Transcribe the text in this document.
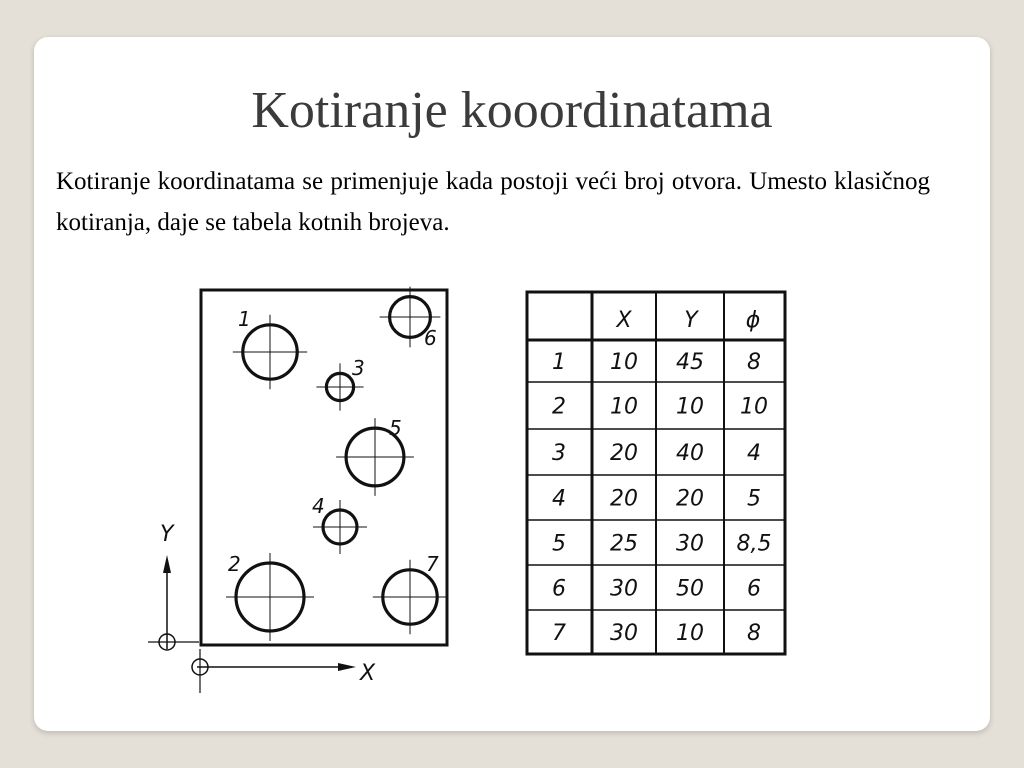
Kotiranje kooordinatama

Kotiranje koordinatama se primenjuje kada postoji veći broj otvora. Umesto klasičnog kotiranja, daje se tabela kotnih brojeva.

Y
X
1
2
3
4
5
6
7
X Y ϕ
1 10 45 8
2 10 10 10
3 20 40 4
4 20 20 5
5 25 30 8,5
6 30 50 6
7 30 10 8
